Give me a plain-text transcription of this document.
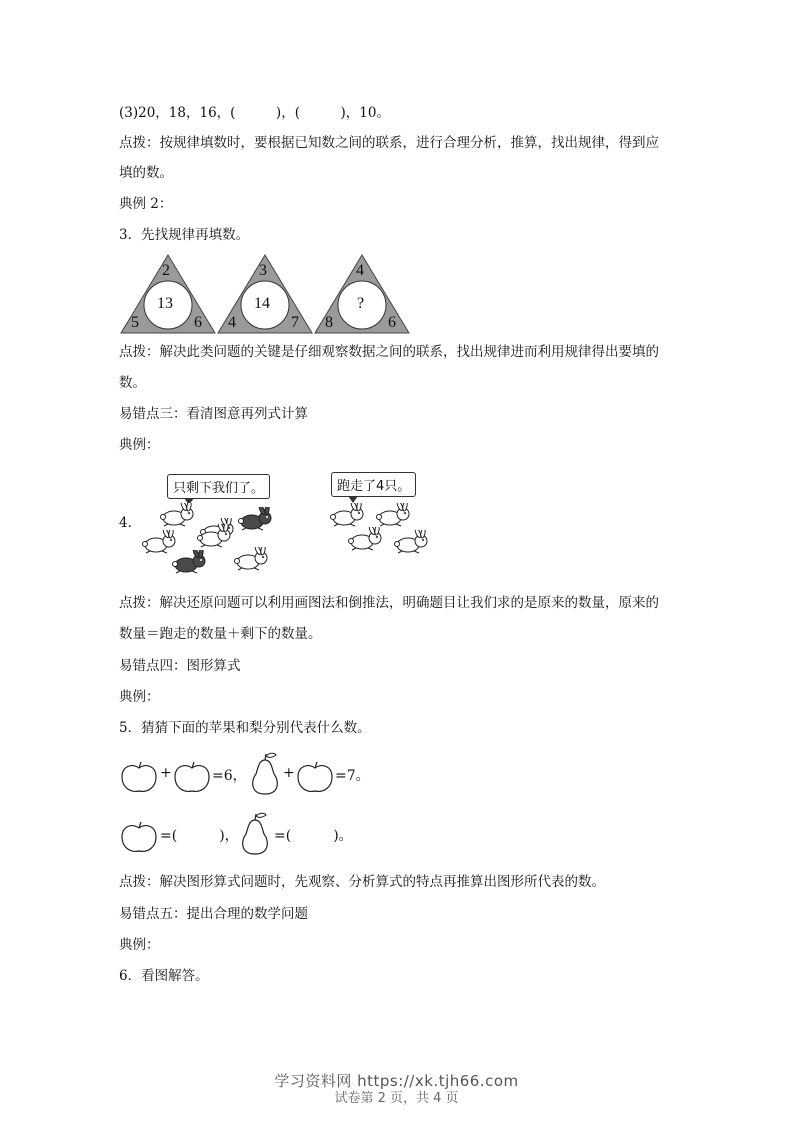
(3)20，18，16，(　　　)，(　　　)，10。
点拨：按规律填数时，要根据已知数之间的联系，进行合理分析，推算，找出规律，得到应
填的数。
典例 2：
3．先找规律再填数。
2
13
5	6
3
14
4	7
4
?
8	6
点拨：解决此类问题的关键是仔细观察数据之间的联系，找出规律进而利用规律得出要填的
数。
易错点三：看清图意再列式计算
典例：
4．
只剩下我们了。	跑走了4只。
点拨：解决还原问题可以利用画图法和倒推法，明确题目让我们求的是原来的数量，原来的
数量＝跑走的数量＋剩下的数量。
易错点四：图形算式
典例：
5．猜猜下面的苹果和梨分别代表什么数。
+	=6，	+	=7。
=(　　　)，	=(　　　)。
点拨：解决图形算式问题时，先观察、分析算式的特点再推算出图形所代表的数。
易错点五：提出合理的数学问题
典例：
6．看图解答。
学习资料网 https://xk.tjh66.com
试卷第 2 页，共 4 页
